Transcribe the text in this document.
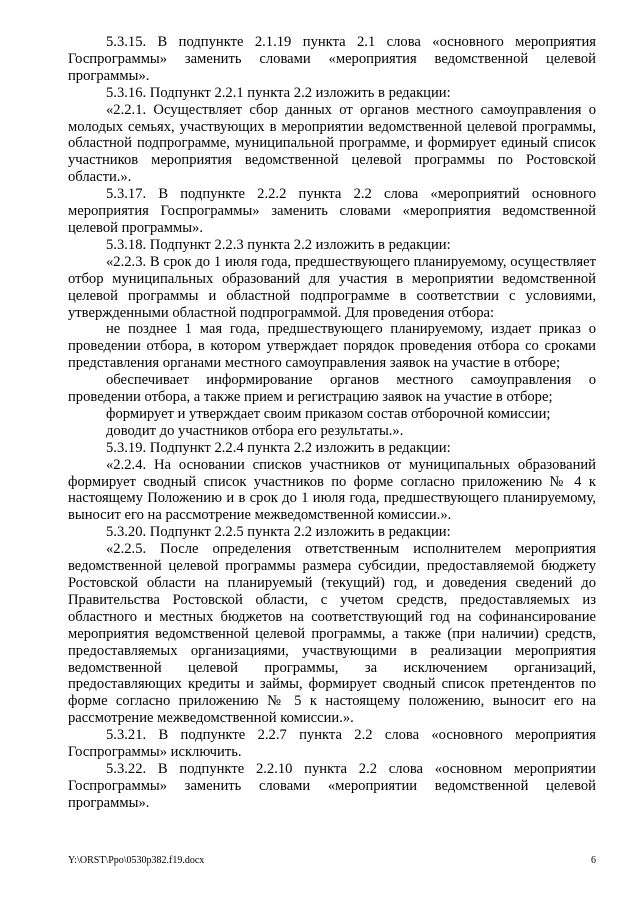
5.3.15. В подпункте 2.1.19 пункта 2.1 слова «основного мероприятия Госпрограммы» заменить словами «мероприятия ведомственной целевой программы».

5.3.16. Подпункт 2.2.1 пункта 2.2 изложить в редакции:

«2.2.1. Осуществляет сбор данных от органов местного самоуправления о молодых семьях, участвующих в мероприятии ведомственной целевой программы, областной подпрограмме, муниципальной программе, и формирует единый список участников мероприятия ведомственной целевой программы по Ростовской области.».

5.3.17. В подпункте 2.2.2 пункта 2.2 слова «мероприятий основного мероприятия Госпрограммы» заменить словами «мероприятия ведомственной целевой программы».

5.3.18. Подпункт 2.2.3 пункта 2.2 изложить в редакции:

«2.2.3. В срок до 1 июля года, предшествующего планируемому, осуществляет отбор муниципальных образований для участия в мероприятии ведомственной целевой программы и областной подпрограмме в соответствии с условиями, утвержденными областной подпрограммой. Для проведения отбора:

не позднее 1 мая года, предшествующего планируемому, издает приказ о проведении отбора, в котором утверждает порядок проведения отбора со сроками представления органами местного самоуправления заявок на участие в отборе;

обеспечивает информирование органов местного самоуправления о проведении отбора, а также прием и регистрацию заявок на участие в отборе;

формирует и утверждает своим приказом состав отборочной комиссии;

доводит до участников отбора его результаты.».

5.3.19. Подпункт 2.2.4 пункта 2.2 изложить в редакции:

«2.2.4. На основании списков участников от муниципальных образований формирует сводный список участников по форме согласно приложению № 4 к настоящему Положению и в срок до 1 июля года, предшествующего планируемому, выносит его на рассмотрение межведомственной комиссии.».

5.3.20. Подпункт 2.2.5 пункта 2.2 изложить в редакции:

«2.2.5. После определения ответственным исполнителем мероприятия ведомственной целевой программы размера субсидии, предоставляемой бюджету Ростовской области на планируемый (текущий) год, и доведения сведений до Правительства Ростовской области, с учетом средств, предоставляемых из областного и местных бюджетов на соответствующий год на софинансирование мероприятия ведомственной целевой программы, а также (при наличии) средств, предоставляемых организациями, участвующими в реализации мероприятия ведомственной целевой программы, за исключением организаций, предоставляющих кредиты и займы, формирует сводный список претендентов по форме согласно приложению № 5 к настоящему положению, выносит его на рассмотрение межведомственной комиссии.».

5.3.21. В подпункте 2.2.7 пункта 2.2 слова «основного мероприятия Госпрограммы» исключить.

5.3.22. В подпункте 2.2.10 пункта 2.2 слова «основном мероприятии Госпрограммы» заменить словами «мероприятии ведомственной целевой программы».

Y:\ORST\Ppo\0530p382.f19.docx	6
